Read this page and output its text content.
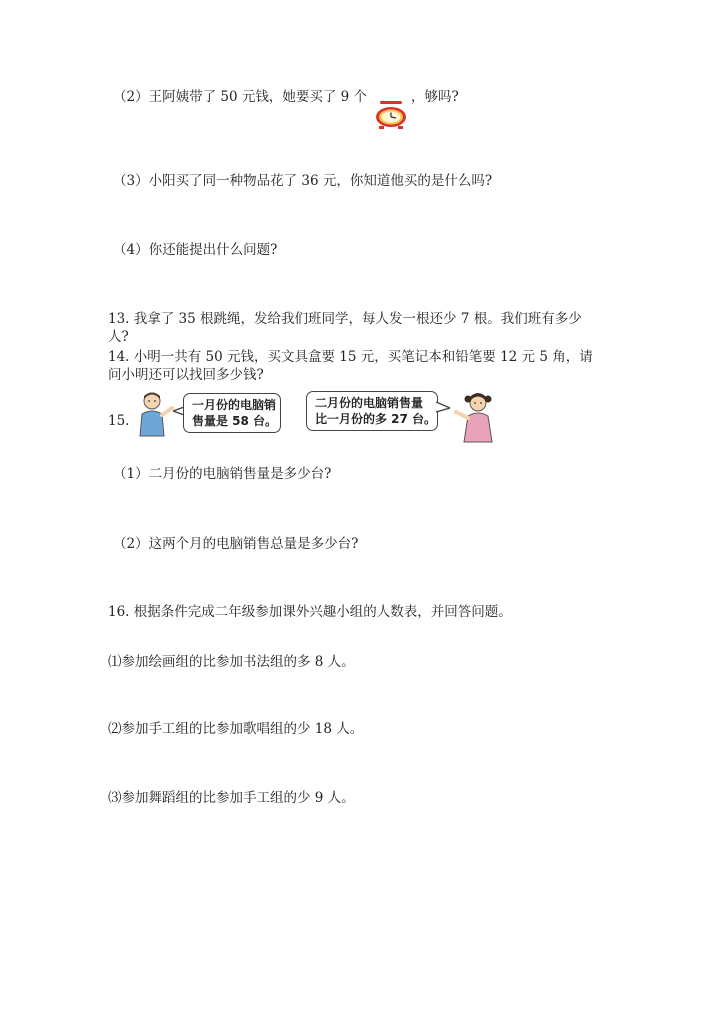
（2）王阿姨带了 50 元钱，她要买了 9 个	，够吗?
（3）小阳买了同一种物品花了 36 元，你知道他买的是什么吗?
（4）你还能提出什么问题?
13. 我拿了 35 根跳绳，发给我们班同学，每人发一根还少 7 根。我们班有多少
人?
14. 小明一共有 50 元钱，买文具盒要 15 元，买笔记本和铅笔要 12 元 5 角，请
问小明还可以找回多少钱?
15.
一月份的电脑销
售量是 58 台。
二月份的电脑销售量
比一月份的多 27 台。
（1）二月份的电脑销售量是多少台?
（2）这两个月的电脑销售总量是多少台?
16. 根据条件完成二年级参加课外兴趣小组的人数表，并回答问题。
⑴参加绘画组的比参加书法组的多 8 人。
⑵参加手工组的比参加歌唱组的少 18 人。
⑶参加舞蹈组的比参加手工组的少 9 人。
